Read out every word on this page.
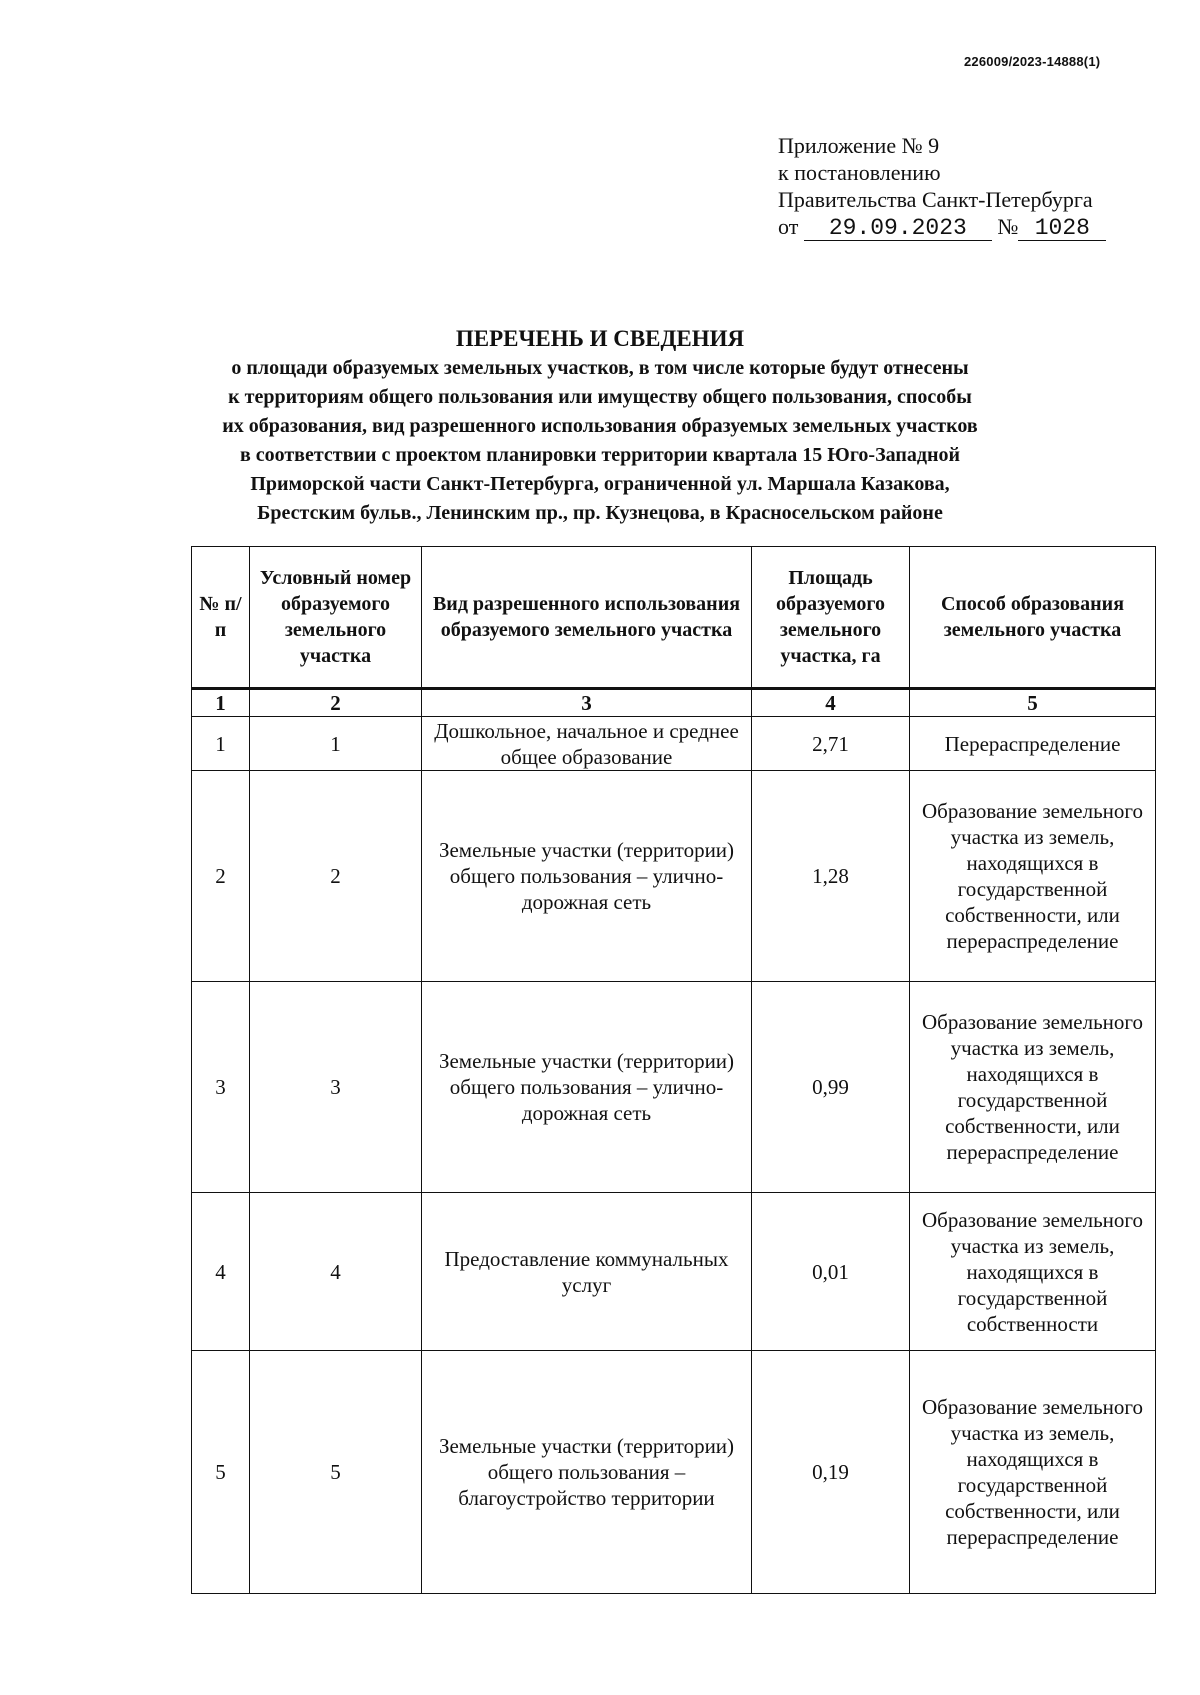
226009/2023-14888(1)
Приложение № 9
к постановлению
Правительства Санкт-Петербурга
от 29.09.2023 № 1028
ПЕРЕЧЕНЬ И СВЕДЕНИЯ
о площади образуемых земельных участков, в том числе которые будут отнесены
к территориям общего пользования или имуществу общего пользования, способы
их образования, вид разрешенного использования образуемых земельных участков
в соответствии с проектом планировки территории квартала 15 Юго-Западной
Приморской части Санкт-Петербурга, ограниченной ул. Маршала Казакова,
Брестским бульв., Ленинским пр., пр. Кузнецова, в Красносельском районе
№ п/п	Условный номер образуемого земельного участка	Вид разрешенного использования образуемого земельного участка	Площадь образуемого земельного участка, га	Способ образования земельного участка
1	2	3	4	5
1	1	Дошкольное, начальное и среднее общее образование	2,71	Перераспределение
2	2	Земельные участки (территории) общего пользования – улично-дорожная сеть	1,28	Образование земельного участка из земель, находящихся в государственной собственности, или перераспределение
3	3	Земельные участки (территории) общего пользования – улично-дорожная сеть	0,99	Образование земельного участка из земель, находящихся в государственной собственности, или перераспределение
4	4	Предоставление коммунальных услуг	0,01	Образование земельного участка из земель, находящихся в государственной собственности
5	5	Земельные участки (территории) общего пользования – благоустройство территории	0,19	Образование земельного участка из земель, находящихся в государственной собственности, или перераспределение
